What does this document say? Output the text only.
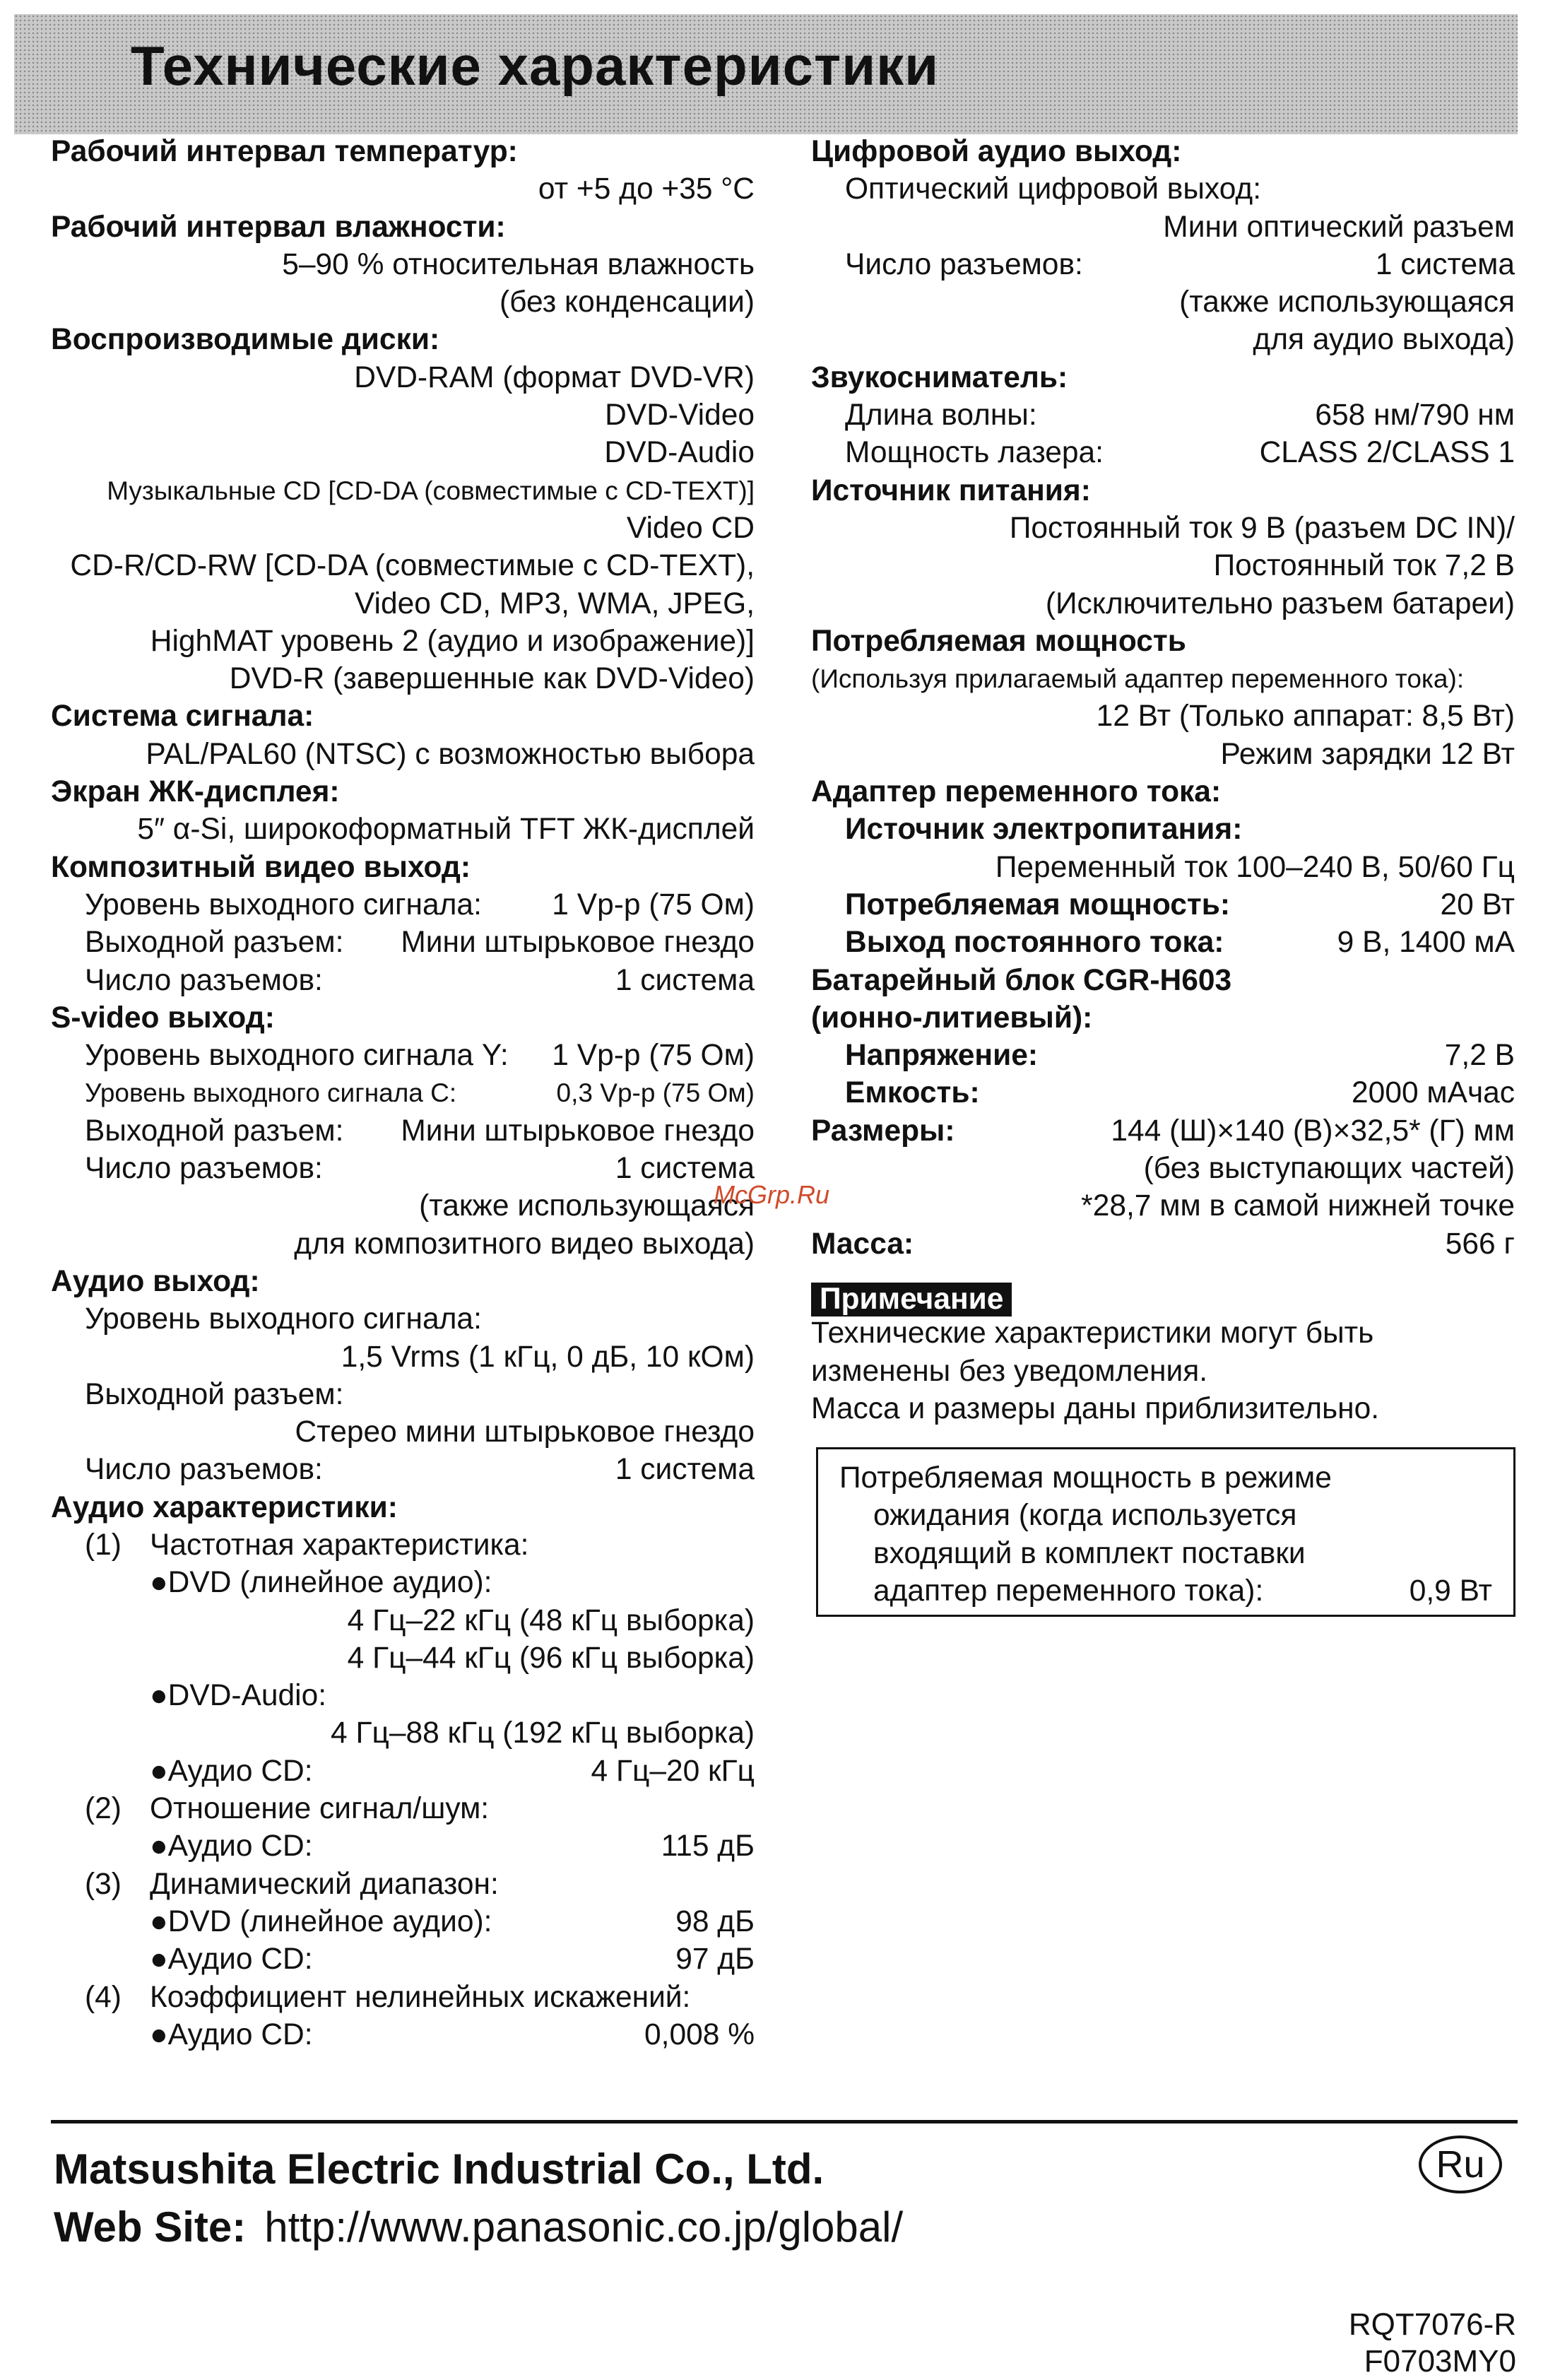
Технические характеристики
Рабочий интервал температур:
от +5 до +35 °C
Рабочий интервал влажности:
5–90 % относительная влажность
(без конденсации)
Воспроизводимые диски:
DVD-RAM (формат DVD-VR)
DVD-Video
DVD-Audio
Музыкальные CD [CD-DA (совместимые с CD-TEXT)]
Video CD
CD-R/CD-RW [CD-DA (совместимые с CD-TEXT),
Video CD, MP3, WMA, JPEG,
HighMAT уровень 2 (аудио и изображение)]
DVD-R (завершенные как DVD-Video)
Система сигнала:
PAL/PAL60 (NTSC) с возможностью выбора
Экран ЖК-дисплея:
5″ α-Si, широкоформатный TFT ЖК-дисплей
Композитный видео выход:
Уровень выходного сигнала: 1 Vp-p (75 Ом)
Выходной разъем: Мини штырьковое гнездо
Число разъемов:	1 система
S-video выход:
Уровень выходного сигнала Y: 1 Vp-p (75 Ом)
Уровень выходного сигнала C:	0,3 Vp-p (75 Ом)
Выходной разъем: Мини штырьковое гнездо
Число разъемов:	1 система
(также использующаяся
для композитного видео выхода)
Аудио выход:
Уровень выходного сигнала:
1,5 Vrms (1 кГц, 0 дБ, 10 кОм)
Выходной разъем:
Стерео мини штырьковое гнездо
Число разъемов:	1 система
Аудио характеристики:
(1) Частотная характеристика:
●DVD (линейное аудио):
4 Гц–22 кГц (48 кГц выборка)
4 Гц–44 кГц (96 кГц выборка)
●DVD-Audio:
4 Гц–88 кГц (192 кГц выборка)
●Аудио CD:	4 Гц–20 кГц
(2) Отношение сигнал/шум:
●Аудио CD:	115 дБ
(3) Динамический диапазон:
●DVD (линейное аудио):	98 дБ
●Аудио CD:	97 дБ
(4) Коэффициент нелинейных искажений:
●Аудио CD:	0,008 %
Цифровой аудио выход:
Оптический цифровой выход:
Мини оптический разъем
Число разъемов:	1 система
(также использующаяся
для аудио выхода)
Звукосниматель:
Длина волны:	658 нм/790 нм
Мощность лазера:	CLASS 2/CLASS 1
Источник питания:
Постоянный ток 9 В (разъем DC IN)/
Постоянный ток 7,2 В
(Исключительно разъем батареи)
Потребляемая мощность
(Используя прилагаемый адаптер переменного тока):
12 Вт (Только аппарат: 8,5 Вт)
Режим зарядки 12 Вт
Адаптер переменного тока:
Источник электропитания:
Переменный ток 100–240 В, 50/60 Гц
Потребляемая мощность:	20 Вт
Выход постоянного тока:	9 В, 1400 мА
Батарейный блок CGR-H603
(ионно-литиевый):
Напряжение:	7,2 В
Емкость:	2000 мАчас
Размеры:	144 (Ш)×140 (В)×32,5* (Г) мм
(без выступающих частей)
*28,7 мм в самой нижней точке
Масса:	566 г
Примечание
Технические характеристики могут быть
изменены без уведомления.
Масса и размеры даны приблизительно.
Потребляемая мощность в режиме
ожидания (когда используется
входящий в комплект поставки
адаптер переменного тока):	0,9 Вт
McGrp.Ru
Matsushita Electric Industrial Co., Ltd.
Web Site: http://www.panasonic.co.jp/global/
Ru
RQT7076-R
F0703MY0
